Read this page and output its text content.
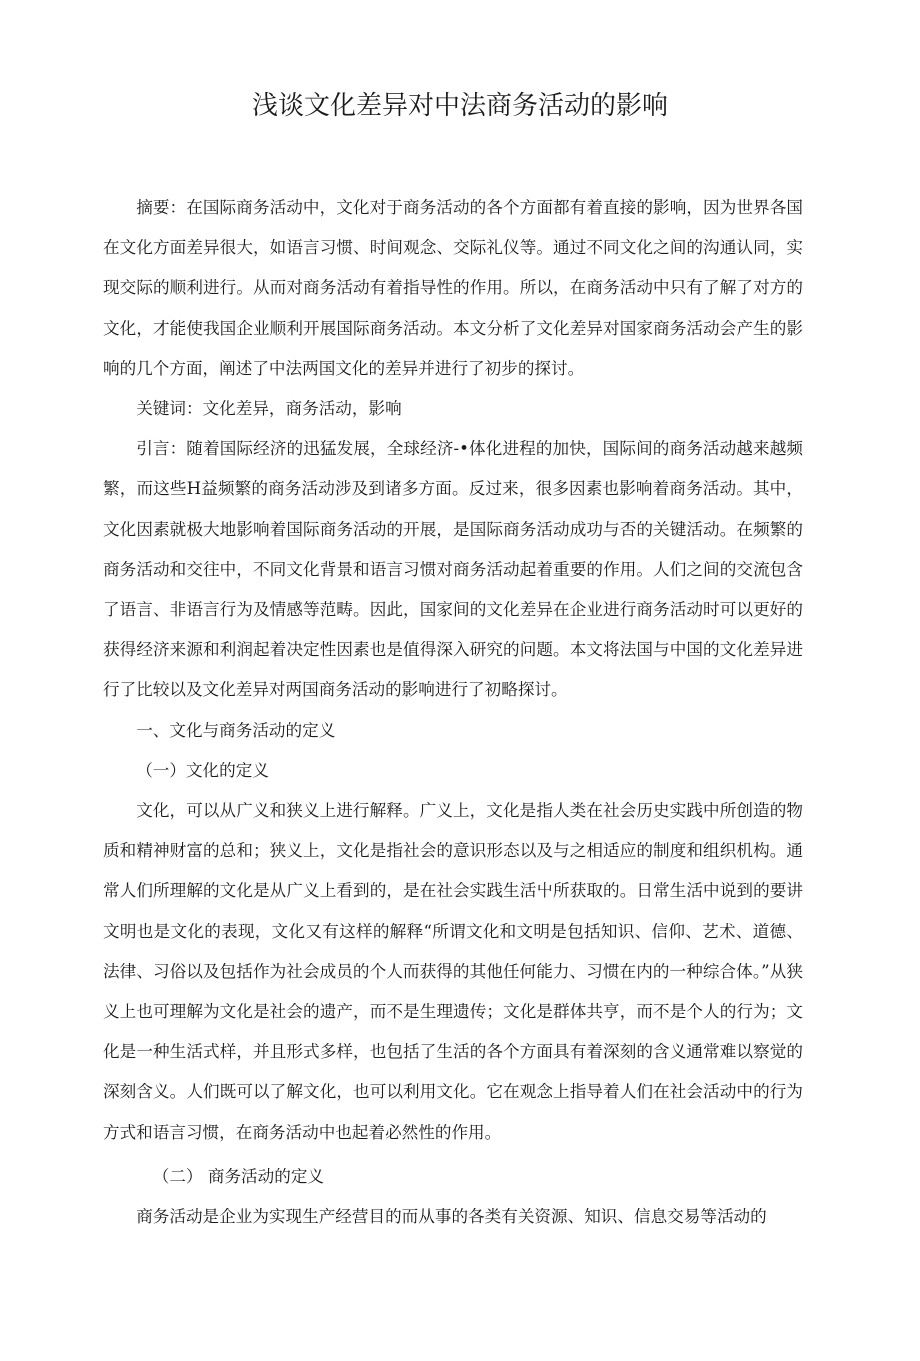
浅谈文化差异对中法商务活动的影响

摘要：在国际商务活动中，文化对于商务活动的各个方面都有着直接的影响，因为世界各国在文化方面差异很大，如语言习惯、时间观念、交际礼仪等。通过不同文化之间的沟通认同，实现交际的顺利进行。从而对商务活动有着指导性的作用。所以，在商务活动中只有了解了对方的文化，才能使我国企业顺利开展国际商务活动。本文分析了文化差异对国家商务活动会产生的影响的几个方面，阐述了中法两国文化的差异并进行了初步的探讨。

关键词：文化差异，商务活动，影响

引言：随着国际经济的迅猛发展，全球经济-•体化进程的加快，国际间的商务活动越来越频繁，而这些H益频繁的商务活动涉及到诸多方面。反过来，很多因素也影响着商务活动。其中，文化因素就极大地影响着国际商务活动的开展，是国际商务活动成功与否的关键活动。在频繁的商务活动和交往中，不同文化背景和语言习惯对商务活动起着重要的作用。人们之间的交流包含了语言、非语言行为及情感等范畴。因此，国家间的文化差异在企业进行商务活动时可以更好的获得经济来源和利润起着决定性因素也是值得深入研究的问题。本文将法国与中国的文化差异进行了比较以及文化差异对两国商务活动的影响进行了初略探讨。

一、文化与商务活动的定义

（一）文化的定义

文化，可以从广义和狭义上进行解释。广义上，文化是指人类在社会历史实践中所创造的物质和精神财富的总和；狭义上，文化是指社会的意识形态以及与之相适应的制度和组织机构。通常人们所理解的文化是从广义上看到的，是在社会实践生活屮所获取的。日常生活中说到的要讲文明也是文化的表现，文化又有这样的解释“所谓文化和文明是包括知识、信仰、艺术、道德、法律、习俗以及包括作为社会成员的个人而获得的其他任何能力、习惯在内的一种综合体。”从狭义上也可理解为文化是社会的遗产，而不是生理遗传；文化是群体共亨，而不是个人的行为；文化是一种生活式样，并且形式多样，也包括了生活的各个方面具有着深刻的含义通常难以察觉的深刻含义。人们既可以了解文化，也可以利用文化。它在观念上指导着人们在社会活动中的行为方式和语言习惯，在商务活动中也起着必然性的作用。

（二） 商务活动的定义

商务活动是企业为实现生产经营目的而从事的各类有关资源、知识、信息交易等活动的
